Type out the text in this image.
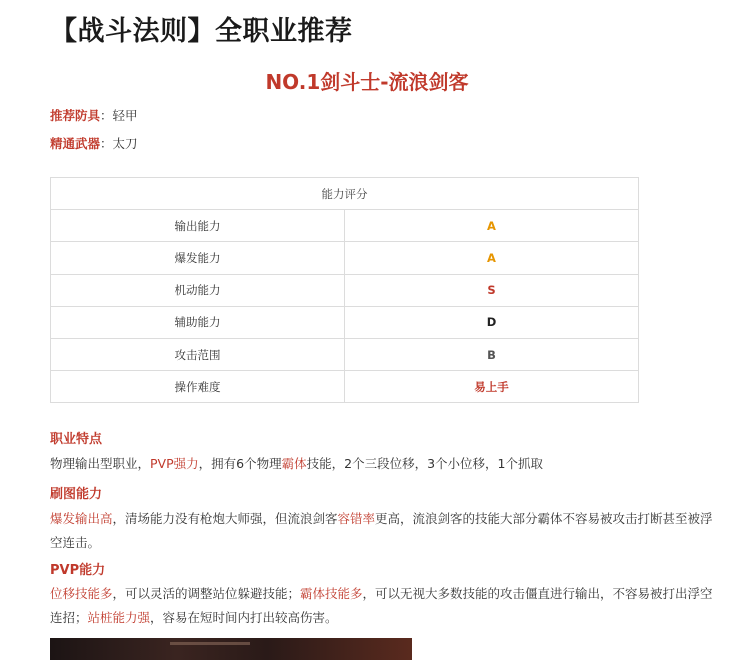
【战斗法则】全职业推荐
NO.1剑斗士-流浪剑客
推荐防具：轻甲
精通武器：太刀
能力评分	
输出能力	A
爆发能力	A
机动能力	S
辅助能力	D
攻击范围	B
操作难度	易上手
职业特点
物理输出型职业，PVP强力，拥有6个物理霸体技能，2个三段位移，3个小位移，1个抓取
刷图能力
爆发输出高，清场能力没有枪炮大师强，但流浪剑客容错率更高，流浪剑客的技能大部分霸体不容易被攻击打断甚至被浮空连击。
PVP能力
位移技能多，可以灵活的调整站位躲避技能；霸体技能多，可以无视大多数技能的攻击僵直进行输出，不容易被打出浮空连招；站桩能力强，容易在短时间内打出较高伤害。
